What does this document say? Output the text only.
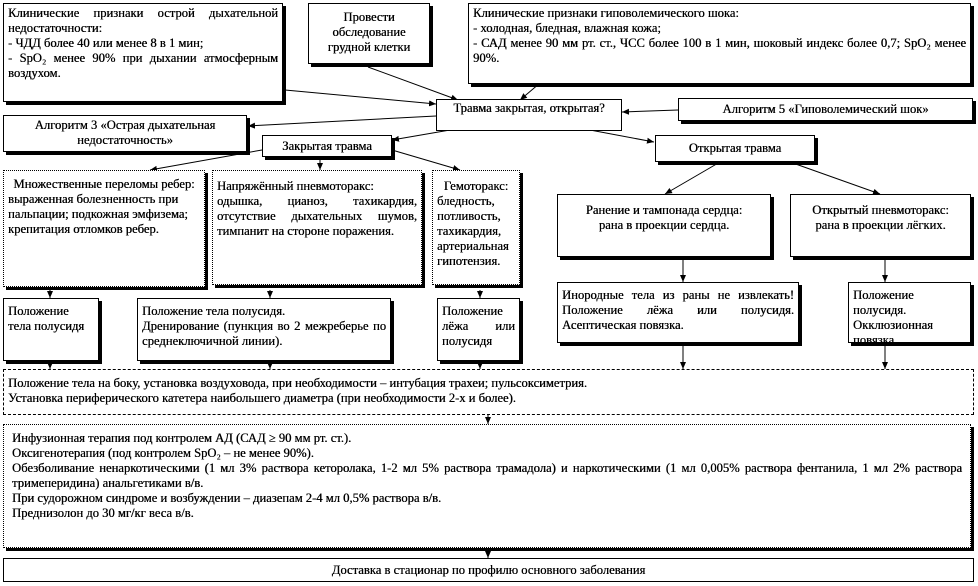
Клинические признаки острой дыхательной недостаточности:
- ЧДД более 40 или менее 8 в 1 мин;
- SpO₂ менее 90% при дыхании атмосферным воздухом.
Провести обследование грудной клетки
Клинические признаки гиповолемического шока:
- холодная, бледная, влажная кожа;
- САД менее 90 мм рт. ст., ЧСС более 100 в 1 мин, шоковый индекс более 0,7; SpO₂ менее 90%.
Травма закрытая, открытая?	Алгоритм 5 «Гиповолемический шок»
Алгоритм 3 «Острая дыхательная недостаточность»	Закрытая травма	Открытая травма
Множественные переломы ребер:
выраженная болезненность при пальпации; подкожная эмфизема; крепитация отломков ребер.
Напряжённый пневмоторакс:
одышка, цианоз, тахикардия, отсутствие дыхательных шумов, тимпанит на стороне поражения.
Гемоторакс:
бледность, потливость, тахикардия, артериальная гипотензия.
Ранение и тампонада сердца:
рана в проекции сердца.
Открытый пневмоторакс:
рана в проекции лёгких.
Положение тела полусидя
Положение тела полусидя.
Дренирование (пункция во 2 межреберье по среднеключичной линии).
Положение лёжа или полусидя
Инородные тела из раны не извлекать! Положение лёжа или полусидя. Асептическая повязка.
Положение полусидя. Окклюзионная повязка.
Положение тела на боку, установка воздуховода, при необходимости – интубация трахеи; пульсоксиметрия.
Установка периферического катетера наибольшего диаметра (при необходимости 2-х и более).
Инфузионная терапия под контролем АД (САД ≥ 90 мм рт. ст.).
Оксигенотерапия (под контролем SpO₂ – не менее 90%).
Обезболивание ненаркотическими (1 мл 3% раствора кеторолака, 1-2 мл 5% раствора трамадола) и наркотическими (1 мл 0,005% раствора фентанила, 1 мл 2% раствора тримеперидина) анальгетиками в/в.
При судорожном синдроме и возбуждении – диазепам 2-4 мл 0,5% раствора в/в.
Преднизолон до 30 мг/кг веса в/в.
Доставка в стационар по профилю основного заболевания
